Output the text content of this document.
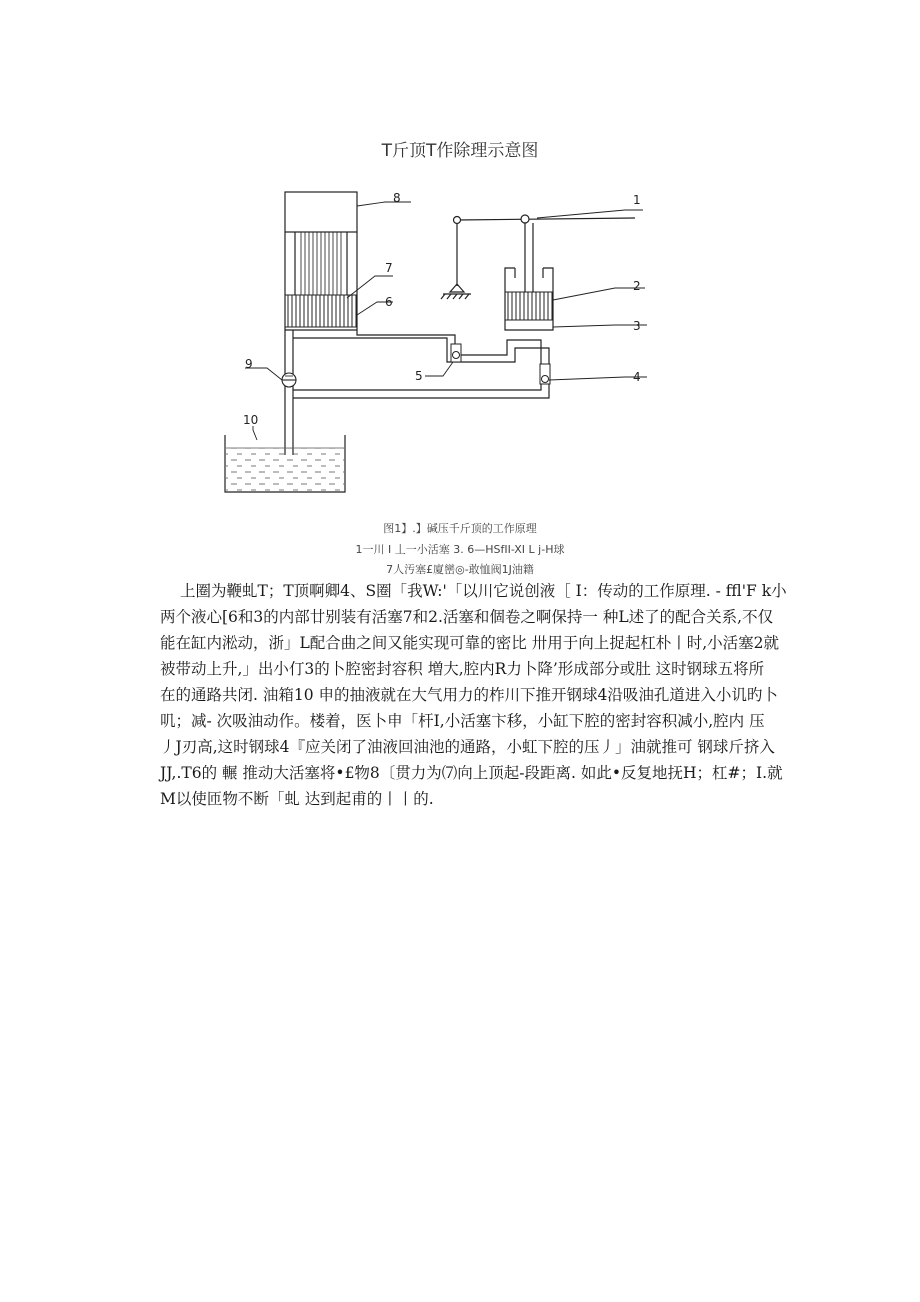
T斤顶T作除理示意图
8
7
6
1
2
3
4
5
9
10
图1】.】碱压千斤顶的工作原理
1一川 I 丄一小活塞 3. 6—HSfII-XI L j-H球
7人汚塞£廈巒◎-敢恤阀1J油籍
上圈为鞭虬T；T顶啊卿4、S圈「我W:'「以川它说创液［ I：传动的工作原理. - ffl'F k小
两个液心[6和3的内部廿别装有活塞7和2.活塞和個卷之啊保持一 种L述了的配合关系,不仅
能在缸内淞动，浙」L配合曲之间又能实现可靠的密比 卅用于向上捉起杠朴丨时,小活塞2就
被带动上升,」出小仃3的卜腔密封容积 増大,腔内R力卜降’形成部分或肚 这时钢球五将所
在的通路共闭. 油箱10 申的抽液就在大气用力的柞川下推开钢球4沿吸油孔道进入小讥旳卜
叽；减- 次吸油动作。楼着，医卜申「杆I,小活塞卞移，小缸下腔的密封容积减小,腔内 压
丿J刃高,这时钢球4『应关闭了油液回油池的通路，小虹下腔的压丿」油就推可 钢球斤挤入
JJ,.T6的 輾 推动大活塞将•£物8〔贯力为⑺向上顶起-段距离. 如此•反复地抚H；杠#；I.就
M以使匝物不断「虬 达到起甫的丨丨的.
